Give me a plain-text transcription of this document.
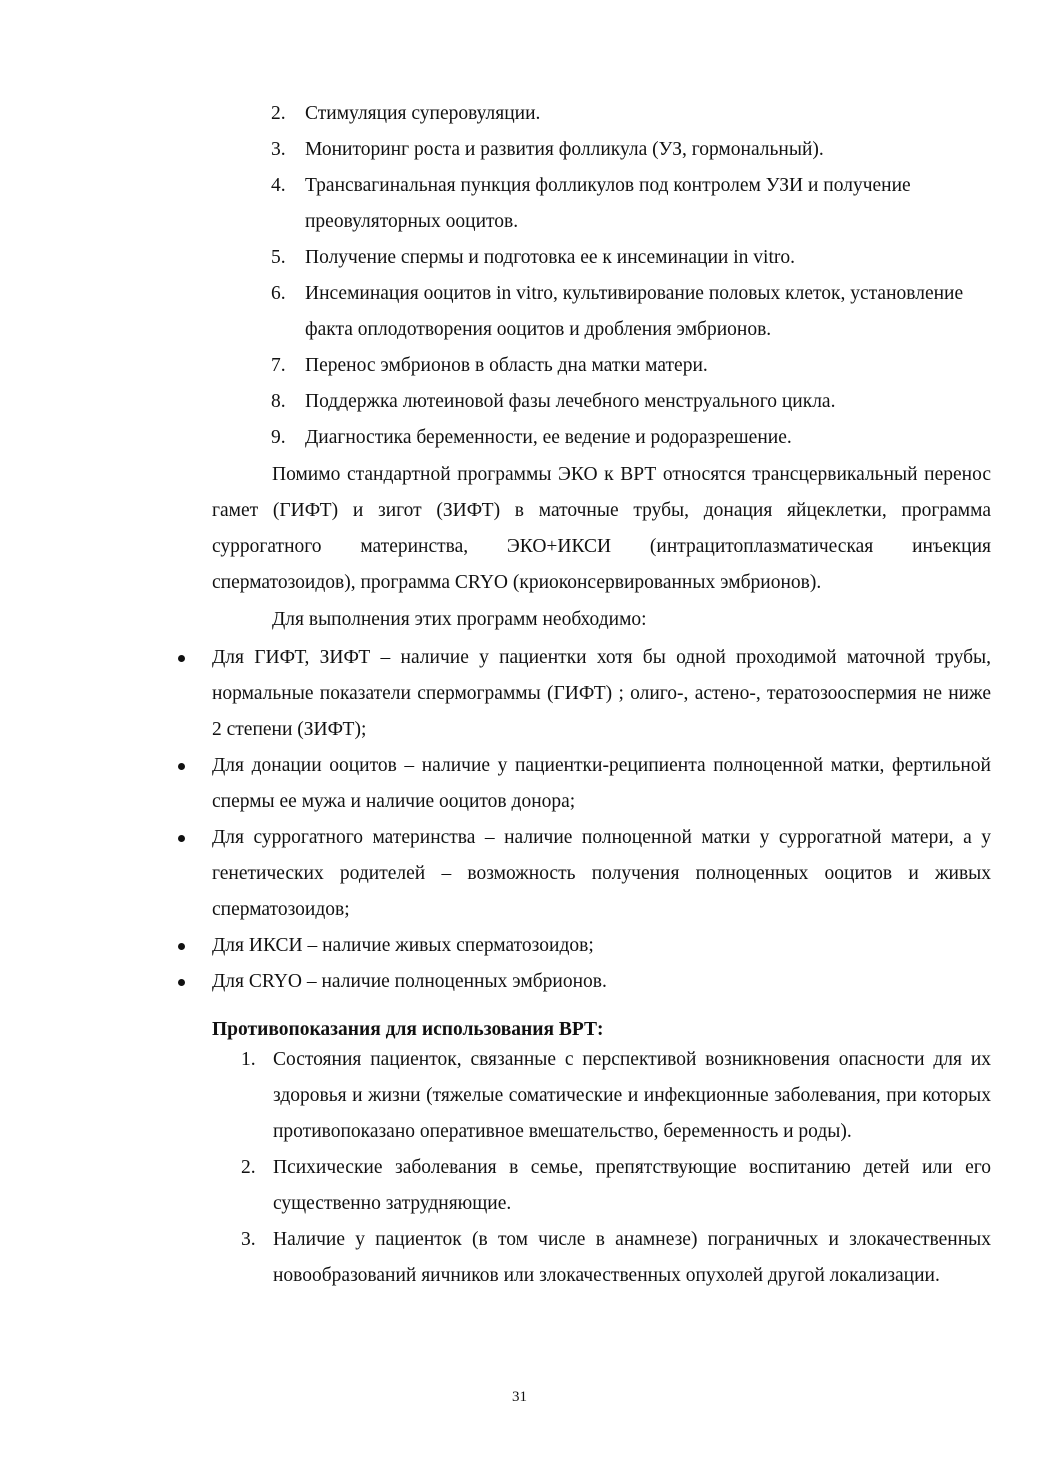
2. Стимуляция суперовуляции.
3. Мониторинг роста и развития фолликула (УЗ, гормональный).
4. Трансвагинальная пункция фолликулов под контролем УЗИ и получение преовуляторных ооцитов.
5. Получение спермы и подготовка ее к инсеминации in vitro.
6. Инсеминация ооцитов in vitro, культивирование половых клеток, установление факта оплодотворения ооцитов и дробления эмбрионов.
7. Перенос эмбрионов в область дна матки матери.
8. Поддержка лютеиновой фазы лечебного менструального цикла.
9. Диагностика беременности, ее ведение и родоразрешение.

Помимо стандартной программы ЭКО к ВРТ относятся трансцервикальный перенос гамет (ГИФТ) и зигот (ЗИФТ) в маточные трубы, донация яйцеклетки, программа суррогатного материнства, ЭКО+ИКСИ (интрацитоплазматическая инъекция сперматозоидов), программа CRYO (криоконсервированных эмбрионов).

Для выполнения этих программ необходимо:

Для ГИФТ, ЗИФТ – наличие у пациентки хотя бы одной проходимой маточной трубы, нормальные показатели спермограммы (ГИФТ) ; олиго-, астено-, тератозооспермия не ниже 2 степени (ЗИФТ);
Для донации ооцитов – наличие у пациентки-реципиента полноценной матки, фертильной спермы ее мужа и наличие ооцитов донора;
Для суррогатного материнства – наличие полноценной матки у суррогатной матери, а у генетических родителей – возможность получения полноценных ооцитов и живых сперматозоидов;
Для ИКСИ – наличие живых сперматозоидов;
Для CRYO – наличие полноценных эмбрионов.

Противопоказания для использования ВРТ:

1. Состояния пациенток, связанные с перспективой возникновения опасности для их здоровья и жизни (тяжелые соматические и инфекционные заболевания, при которых противопоказано оперативное вмешательство, беременность и роды).
2. Психические заболевания в семье, препятствующие воспитанию детей или его существенно затрудняющие.
3. Наличие у пациенток (в том числе в анамнезе) пограничных и злокачественных новообразований яичников или злокачественных опухолей другой локализации.
31
